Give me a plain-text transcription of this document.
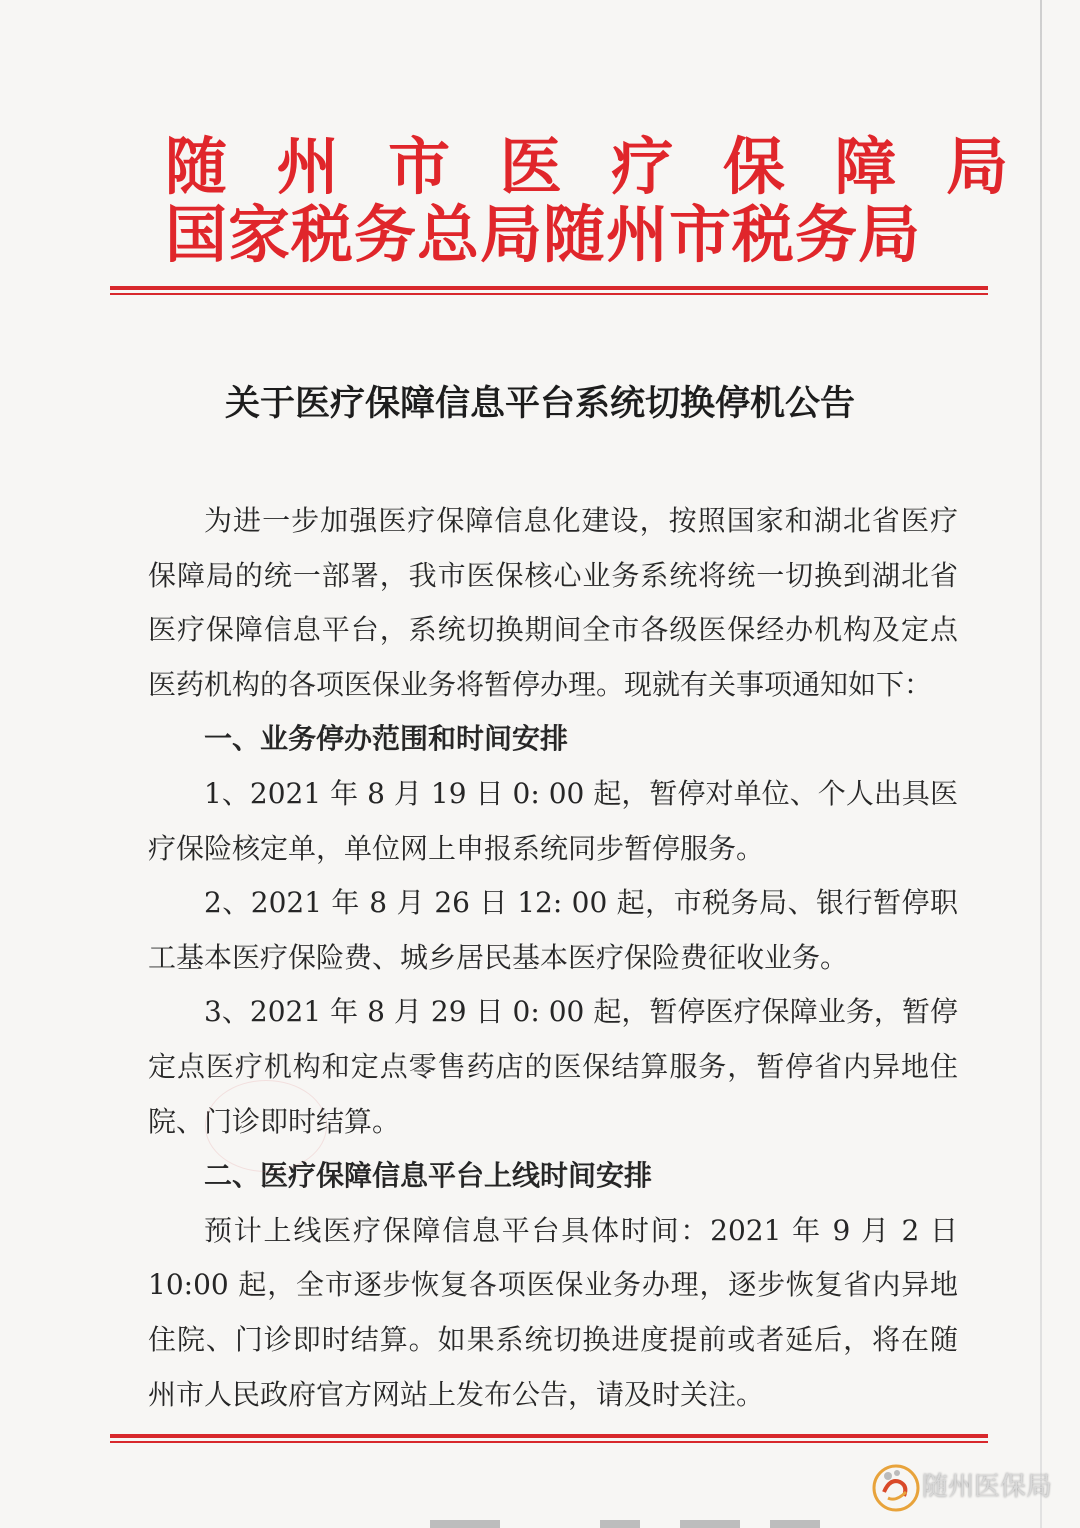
随 州 市 医 疗 保 障 局
国家税务总局随州市税务局
关于医疗保障信息平台系统切换停机公告

为进一步加强医疗保障信息化建设，按照国家和湖北省医疗保障局的统一部署，我市医保核心业务系统将统一切换到湖北省医疗保障信息平台，系统切换期间全市各级医保经办机构及定点医药机构的各项医保业务将暂停办理。现就有关事项通知如下：

一、业务停办范围和时间安排

1、2021 年 8 月 19 日 0: 00 起，暂停对单位、个人出具医疗保险核定单，单位网上申报系统同步暂停服务。

2、2021 年 8 月 26 日 12: 00 起，市税务局、银行暂停职工基本医疗保险费、城乡居民基本医疗保险费征收业务。

3、2021 年 8 月 29 日 0: 00 起，暂停医疗保障业务，暂停定点医疗机构和定点零售药店的医保结算服务，暂停省内异地住院、门诊即时结算。

二、医疗保障信息平台上线时间安排

预计上线医疗保障信息平台具体时间：2021 年 9 月 2 日 10:00 起，全市逐步恢复各项医保业务办理，逐步恢复省内异地住院、门诊即时结算。如果系统切换进度提前或者延后，将在随州市人民政府官方网站上发布公告，请及时关注。

随州医保局
